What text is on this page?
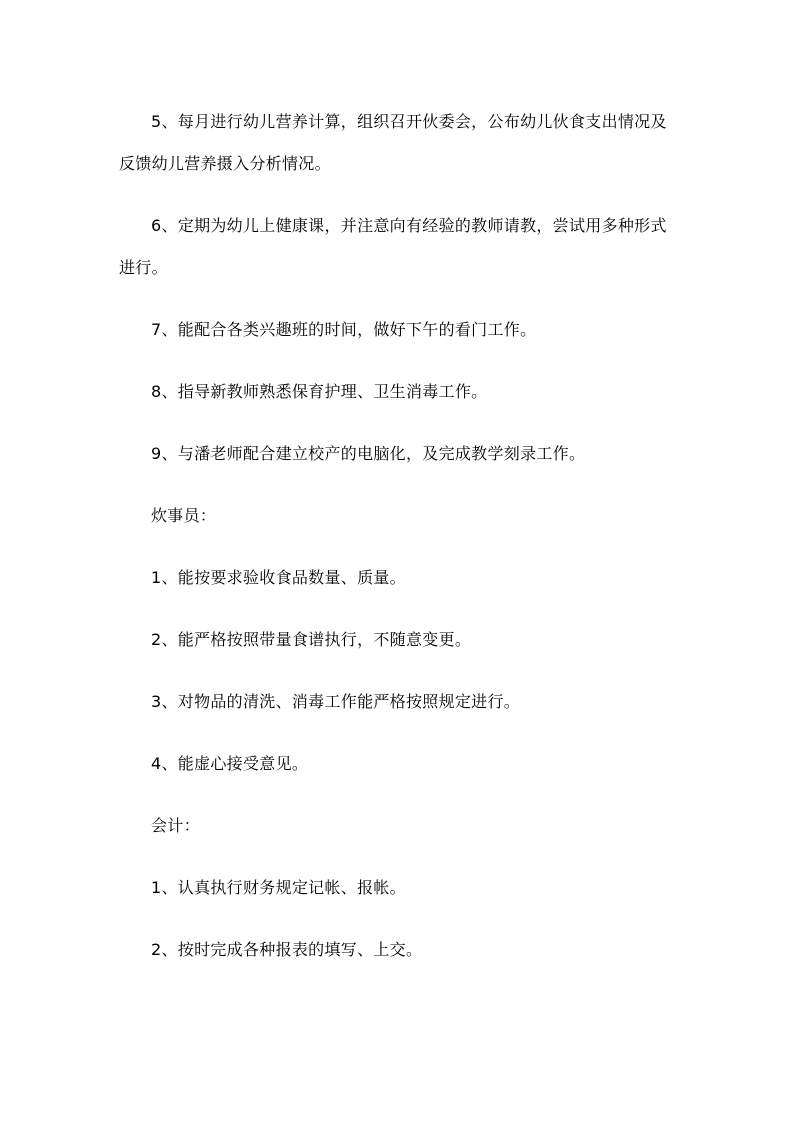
5、每月进行幼儿营养计算，组织召开伙委会，公布幼儿伙食支出情况及反馈幼儿营养摄入分析情况。

6、定期为幼儿上健康课，并注意向有经验的教师请教，尝试用多种形式进行。

7、能配合各类兴趣班的时间，做好下午的看门工作。

8、指导新教师熟悉保育护理、卫生消毒工作。

9、与潘老师配合建立校产的电脑化，及完成教学刻录工作。

炊事员：

1、能按要求验收食品数量、质量。

2、能严格按照带量食谱执行，不随意变更。

3、对物品的清洗、消毒工作能严格按照规定进行。

4、能虚心接受意见。

会计：

1、认真执行财务规定记帐、报帐。

2、按时完成各种报表的填写、上交。
